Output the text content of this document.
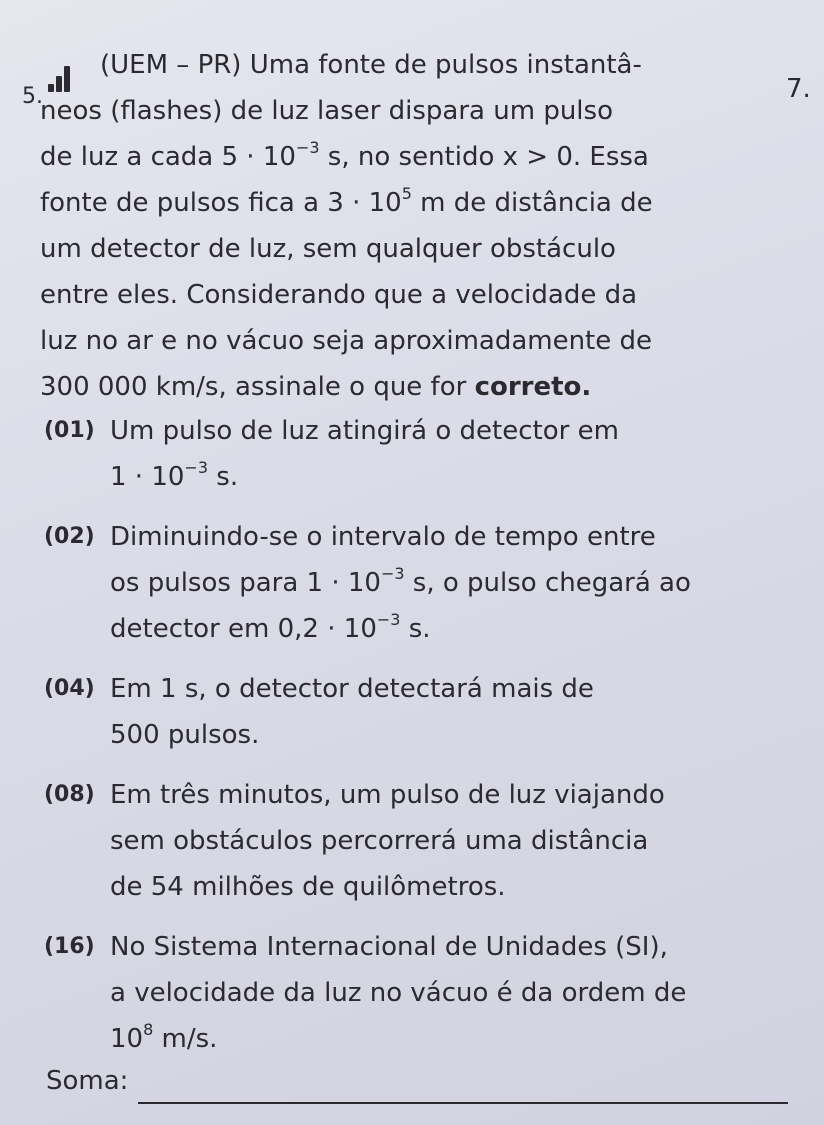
5.	7.
(UEM – PR) Uma fonte de pulsos instantâ-
neos (flashes) de luz laser dispara um pulso
de luz a cada $5 \cdot 10^{-3}$ s, no sentido x > 0. Essa
fonte de pulsos fica a $3 \cdot 10^5$ m de distância de
um detector de luz, sem qualquer obstáculo
entre eles. Considerando que a velocidade da
luz no ar e no vácuo seja aproximadamente de
300 000 km/s, assinale o que for correto.
(01) Um pulso de luz atingirá o detector em
$1 \cdot 10^{-3}$ s.
(02) Diminuindo-se o intervalo de tempo entre
os pulsos para $1 \cdot 10^{-3}$ s, o pulso chegará ao
detector em $0,2 \cdot 10^{-3}$ s.
(04) Em 1 s, o detector detectará mais de
500 pulsos.
(08) Em três minutos, um pulso de luz viajando
sem obstáculos percorrerá uma distância
de 54 milhões de quilômetros.
(16) No Sistema Internacional de Unidades (SI),
a velocidade da luz no vácuo é da ordem de
$10^8$ m/s.
Soma:
